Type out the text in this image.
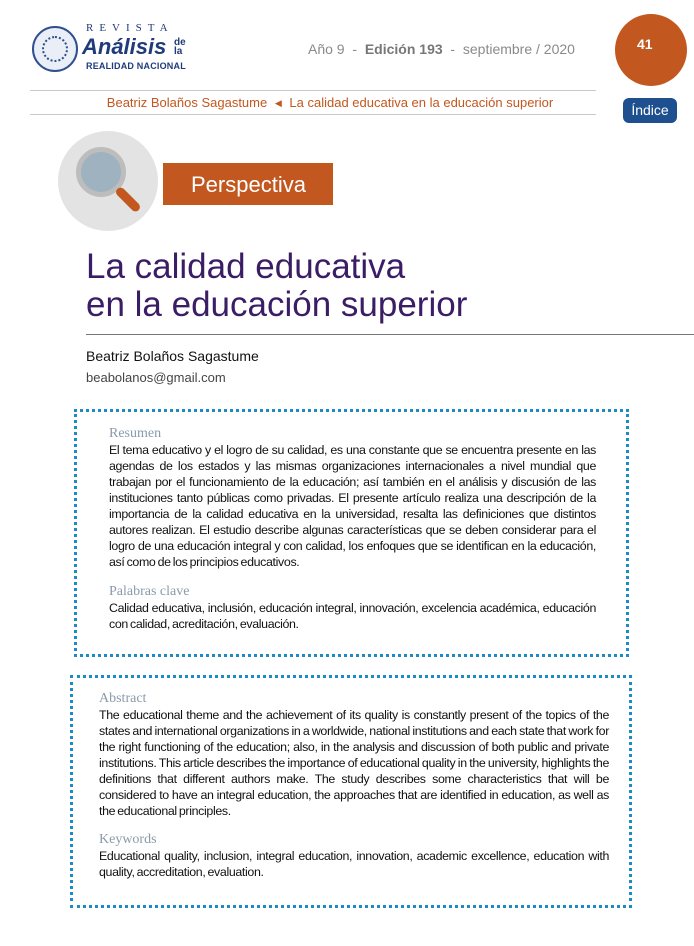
REVISTA
Análisis de la
REALIDAD NACIONAL
Año 9 - Edición 193 - septiembre / 2020	41
Beatriz Bolaños Sagastume ◀ La calidad educativa en la educación superior	Índice
Perspectiva
La calidad educativa
en la educación superior
Beatriz Bolaños Sagastume
beabolanos@gmail.com
Resumen
El tema educativo y el logro de su calidad, es una constante que se encuentra presente en las agendas de los estados y las mismas organizaciones internacionales a nivel mundial que trabajan por el funcionamiento de la educación; así también en el análisis y discusión de las instituciones tanto públicas como privadas. El presente artículo realiza una descripción de la importancia de la calidad educativa en la universidad, resalta las definiciones que distintos autores realizan. El estudio describe algunas características que se deben considerar para el logro de una educación integral y con calidad, los enfoques que se identifican en la educación, así como de los principios educativos.
Palabras clave
Calidad educativa, inclusión, educación integral, innovación, excelencia académica, educación con calidad, acreditación, evaluación.
Abstract
The educational theme and the achievement of its quality is constantly present of the topics of the states and international organizations in a worldwide, national institutions and each state that work for the right functioning of the education; also, in the analysis and discussion of both public and private institutions. This article describes the importance of educational quality in the university, highlights the definitions that different authors make. The study describes some characteristics that will be considered to have an integral education, the approaches that are identified in education, as well as the educational principles.
Keywords
Educational quality, inclusion, integral education, innovation, academic excellence, education with quality, accreditation, evaluation.
